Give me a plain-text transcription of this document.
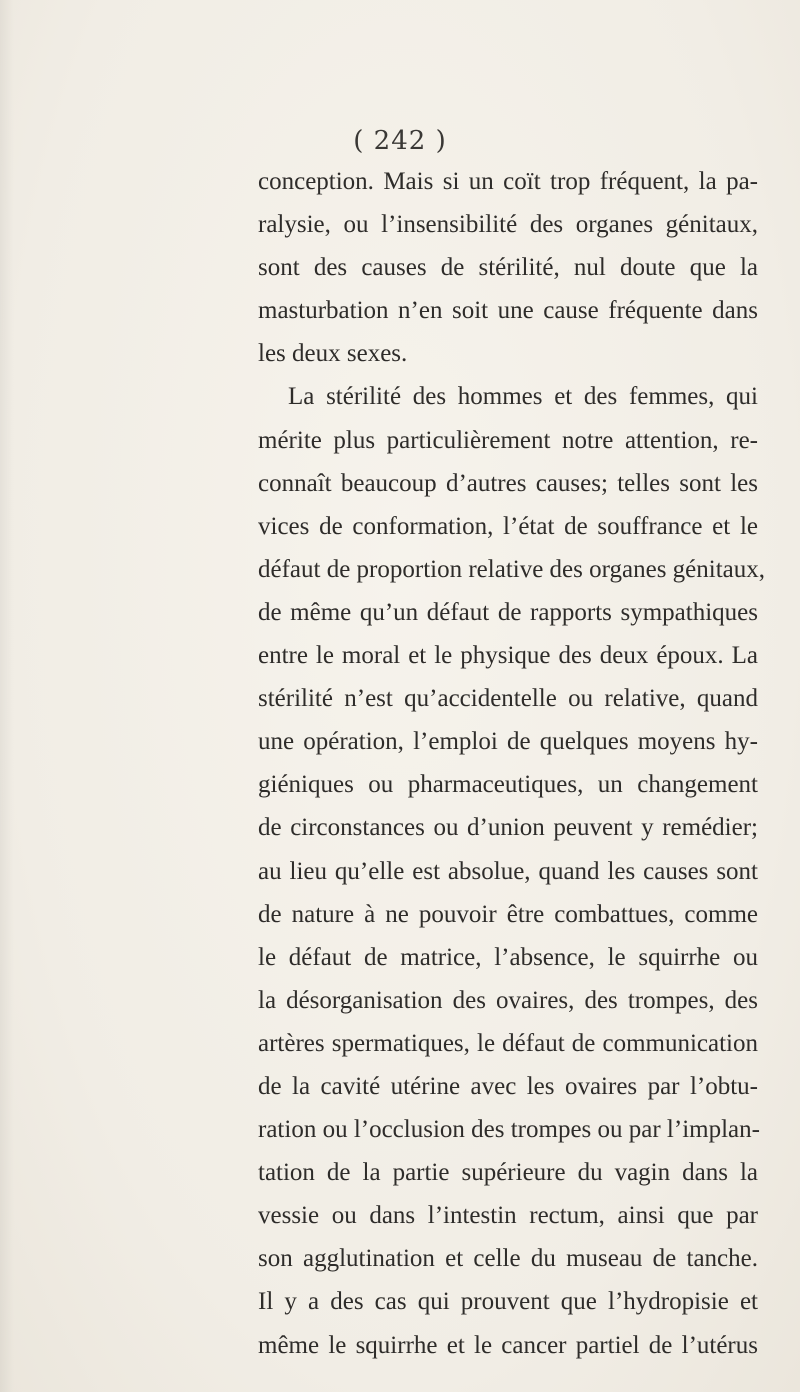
( 242 )
conception. Mais si un coït trop fréquent, la pa-
ralysie, ou l’insensibilité des organes génitaux,
sont des causes de stérilité, nul doute que la
masturbation n’en soit une cause fréquente dans
les deux sexes.
La stérilité des hommes et des femmes, qui
mérite plus particulièrement notre attention, re-
connaît beaucoup d’autres causes; telles sont les
vices de conformation, l’état de souffrance et le
défaut de proportion relative des organes génitaux,
de même qu’un défaut de rapports sympathiques
entre le moral et le physique des deux époux. La
stérilité n’est qu’accidentelle ou relative, quand
une opération, l’emploi de quelques moyens hy-
giéniques ou pharmaceutiques, un changement
de circonstances ou d’union peuvent y remédier;
au lieu qu’elle est absolue, quand les causes sont
de nature à ne pouvoir être combattues, comme
le défaut de matrice, l’absence, le squirrhe ou
la désorganisation des ovaires, des trompes, des
artères spermatiques, le défaut de communication
de la cavité utérine avec les ovaires par l’obtu-
ration ou l’occlusion des trompes ou par l’implan-
tation de la partie supérieure du vagin dans la
vessie ou dans l’intestin rectum, ainsi que par
son agglutination et celle du museau de tanche.
Il y a des cas qui prouvent que l’hydropisie et
même le squirrhe et le cancer partiel de l’utérus
